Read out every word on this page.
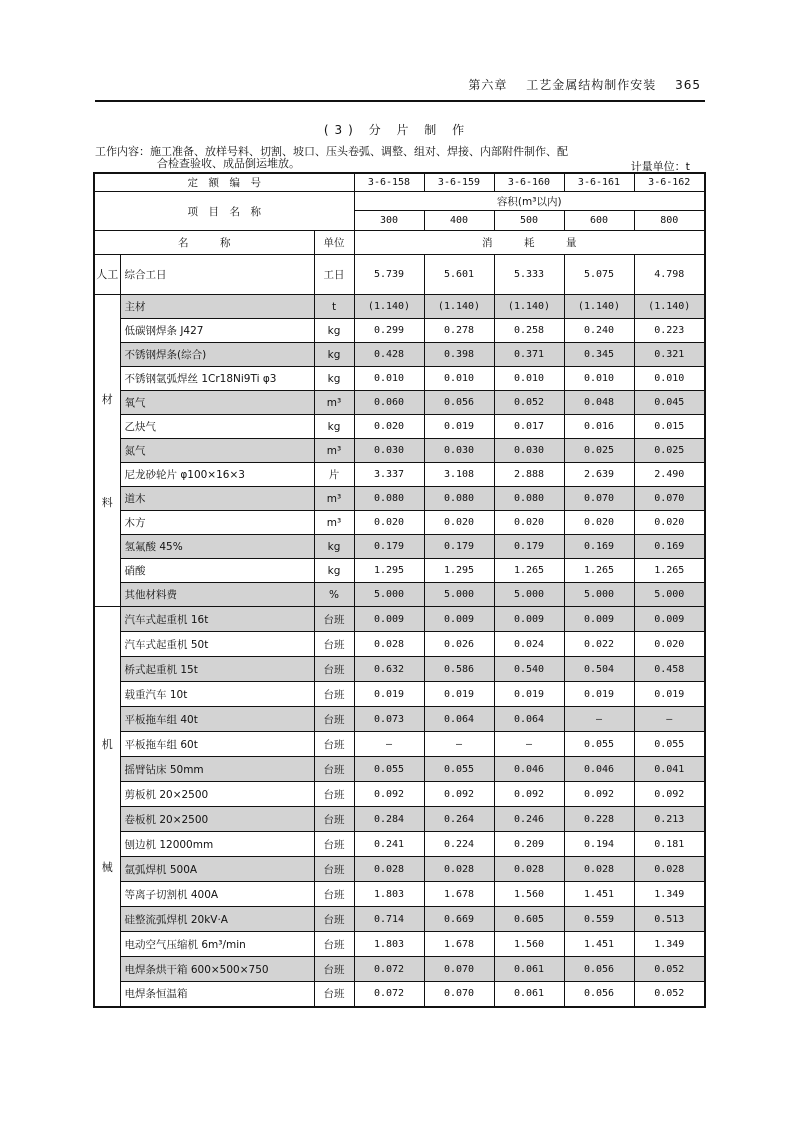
第六章 工艺金属结构制作安装 365
(3) 分 片 制 作
工作内容：施工准备、放样号料、切割、坡口、压头卷弧、调整、组对、焊接、内部附件制作、配
合检查验收、成品倒运堆放。	计量单位：t
定　额　编　号			3-6-158	3-6-159	3-6-160	3-6-161	3-6-162
项　目　名　称			容积(m³以内)				
			300	400	500	600	800
名　　　称		单位	消　　　耗　　　量				
人工	综合工日	工日	5.739	5.601	5.333	5.075	4.798

材
料	主材	t	(1.140)	(1.140)	(1.140)	(1.140)	(1.140)
	低碳钢焊条 J427	kg	0.299	0.278	0.258	0.240	0.223
	不锈钢焊条(综合)	kg	0.428	0.398	0.371	0.345	0.321
	不锈钢氩弧焊丝 1Cr18Ni9Ti φ3	kg	0.010	0.010	0.010	0.010	0.010
	氧气	m³	0.060	0.056	0.052	0.048	0.045
	乙炔气	kg	0.020	0.019	0.017	0.016	0.015
	氮气	m³	0.030	0.030	0.030	0.025	0.025
	尼龙砂轮片 φ100×16×3	片	3.337	3.108	2.888	2.639	2.490
	道木	m³	0.080	0.080	0.080	0.070	0.070
	木方	m³	0.020	0.020	0.020	0.020	0.020
	氢氟酸 45%	kg	0.179	0.179	0.179	0.169	0.169
	硝酸	kg	1.295	1.295	1.265	1.265	1.265
	其他材料费	%	5.000	5.000	5.000	5.000	5.000

机
械	汽车式起重机 16t	台班	0.009	0.009	0.009	0.009	0.009
	汽车式起重机 50t	台班	0.028	0.026	0.024	0.022	0.020
	桥式起重机 15t	台班	0.632	0.586	0.540	0.504	0.458
	载重汽车 10t	台班	0.019	0.019	0.019	0.019	0.019
	平板拖车组 40t	台班	0.073	0.064	0.064	—	—
	平板拖车组 60t	台班	—	—	—	0.055	0.055
	摇臂钻床 50mm	台班	0.055	0.055	0.046	0.046	0.041
	剪板机 20×2500	台班	0.092	0.092	0.092	0.092	0.092
	卷板机 20×2500	台班	0.284	0.264	0.246	0.228	0.213
	刨边机 12000mm	台班	0.241	0.224	0.209	0.194	0.181
	氩弧焊机 500A	台班	0.028	0.028	0.028	0.028	0.028
	等离子切割机 400A	台班	1.803	1.678	1.560	1.451	1.349
	硅整流弧焊机 20kV·A	台班	0.714	0.669	0.605	0.559	0.513
	电动空气压缩机 6m³/min	台班	1.803	1.678	1.560	1.451	1.349
	电焊条烘干箱 600×500×750	台班	0.072	0.070	0.061	0.056	0.052
	电焊条恒温箱	台班	0.072	0.070	0.061	0.056	0.052
